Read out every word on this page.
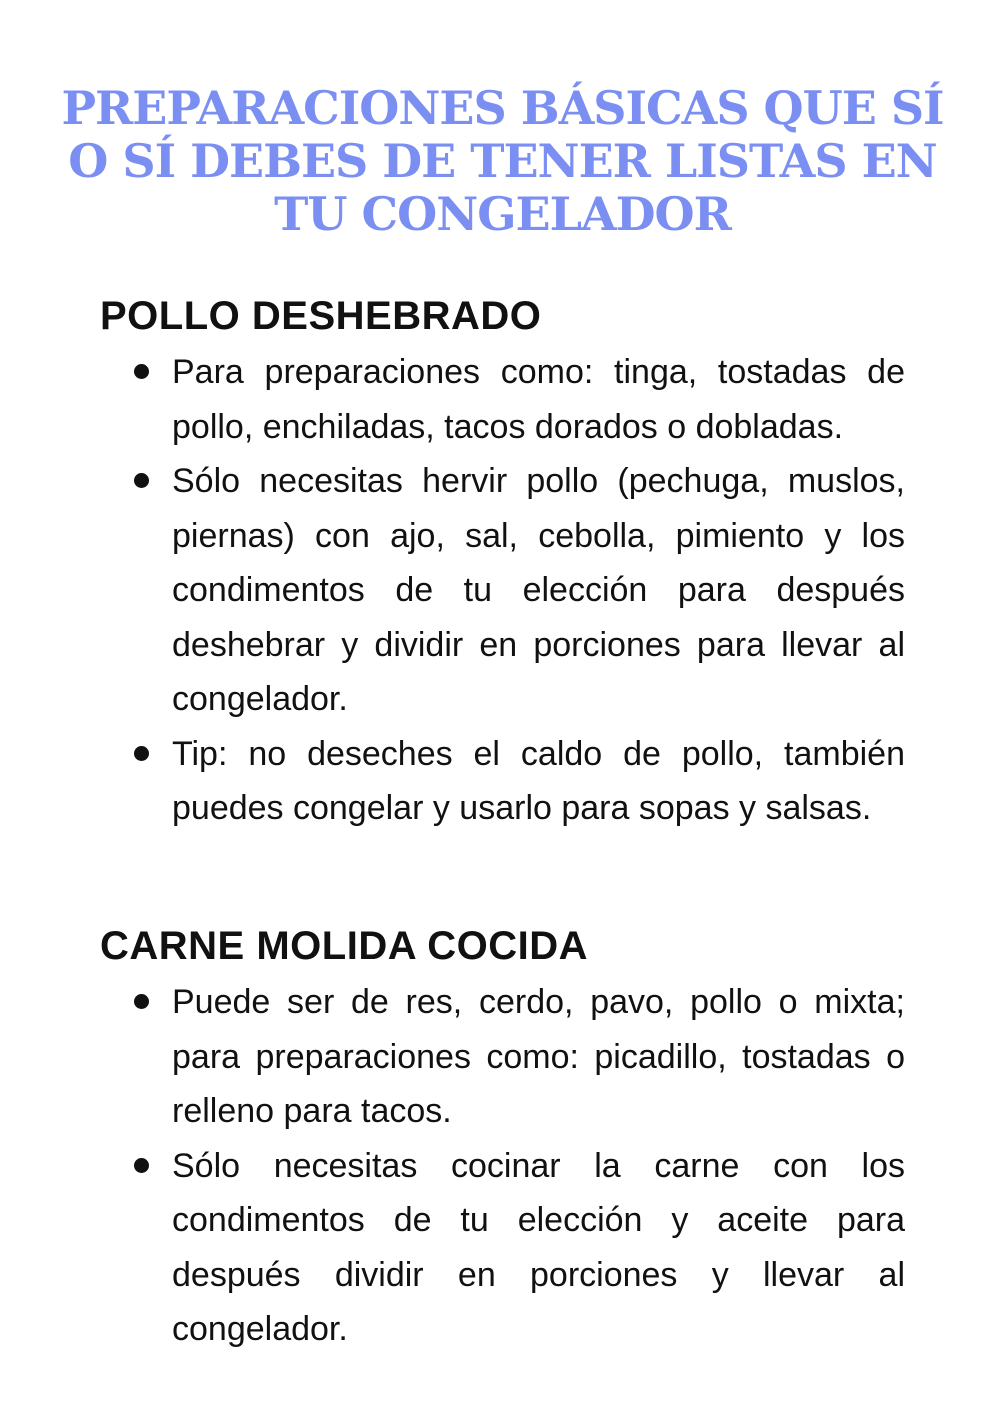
PREPARACIONES BÁSICAS QUE SÍ O SÍ DEBES DE TENER LISTAS EN TU CONGELADOR
POLLO DESHEBRADO
Para preparaciones como: tinga, tostadas de pollo, enchiladas, tacos dorados o dobladas.
Sólo necesitas hervir pollo (pechuga, muslos, piernas) con ajo, sal, cebolla, pimiento y los condimentos de tu elección para después deshebrar y dividir en porciones para llevar al congelador.
Tip: no deseches el caldo de pollo, también puedes congelar y usarlo para sopas y salsas.
CARNE MOLIDA COCIDA
Puede ser de res, cerdo, pavo, pollo o mixta; para preparaciones como: picadillo, tostadas o relleno para tacos.
Sólo necesitas cocinar la carne con los condimentos de tu elección y aceite para después dividir en porciones y llevar al congelador.
